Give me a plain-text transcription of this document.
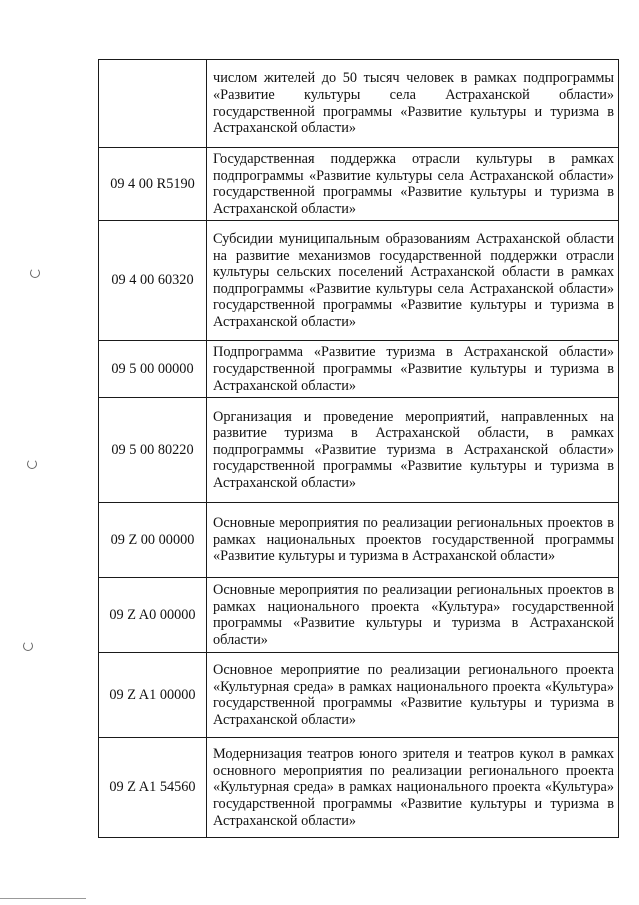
	числом жителей до 50 тысяч человек в рамках подпрограммы «Развитие культуры села Астраханской области» государственной программы «Развитие культуры и туризма в Астраханской области»
09 4 00 R5190	Государственная поддержка отрасли культуры в рамках подпрограммы «Развитие культуры села Астраханской области» государственной программы «Развитие культуры и туризма в Астраханской области»
09 4 00 60320	Субсидии муниципальным образованиям Астраханской области на развитие механизмов государственной поддержки отрасли культуры сельских поселений Астраханской области в рамках подпрограммы «Развитие культуры села Астраханской области» государственной программы «Развитие культуры и туризма в Астраханской области»
09 5 00 00000	Подпрограмма «Развитие туризма в Астраханской области» государственной программы «Развитие культуры и туризма в Астраханской области»
09 5 00 80220	Организация и проведение мероприятий, направленных на развитие туризма в Астраханской области, в рамках подпрограммы «Развитие туризма в Астраханской области» государственной программы «Развитие культуры и туризма в Астраханской области»
09 Z 00 00000	Основные мероприятия по реализации региональных проектов в рамках национальных проектов государственной программы «Развитие культуры и туризма в Астраханской области»
09 Z A0 00000	Основные мероприятия по реализации региональных проектов в рамках национального проекта «Культура» государственной программы «Развитие культуры и туризма в Астраханской области»
09 Z A1 00000	Основное мероприятие по реализации регионального проекта «Культурная среда» в рамках национального проекта «Культура» государственной программы «Развитие культуры и туризма в Астраханской области»
09 Z A1 54560	Модернизация театров юного зрителя и театров кукол в рамках основного мероприятия по реализации регионального проекта «Культурная среда» в рамках национального проекта «Культура» государственной программы «Развитие культуры и туризма в Астраханской области»
